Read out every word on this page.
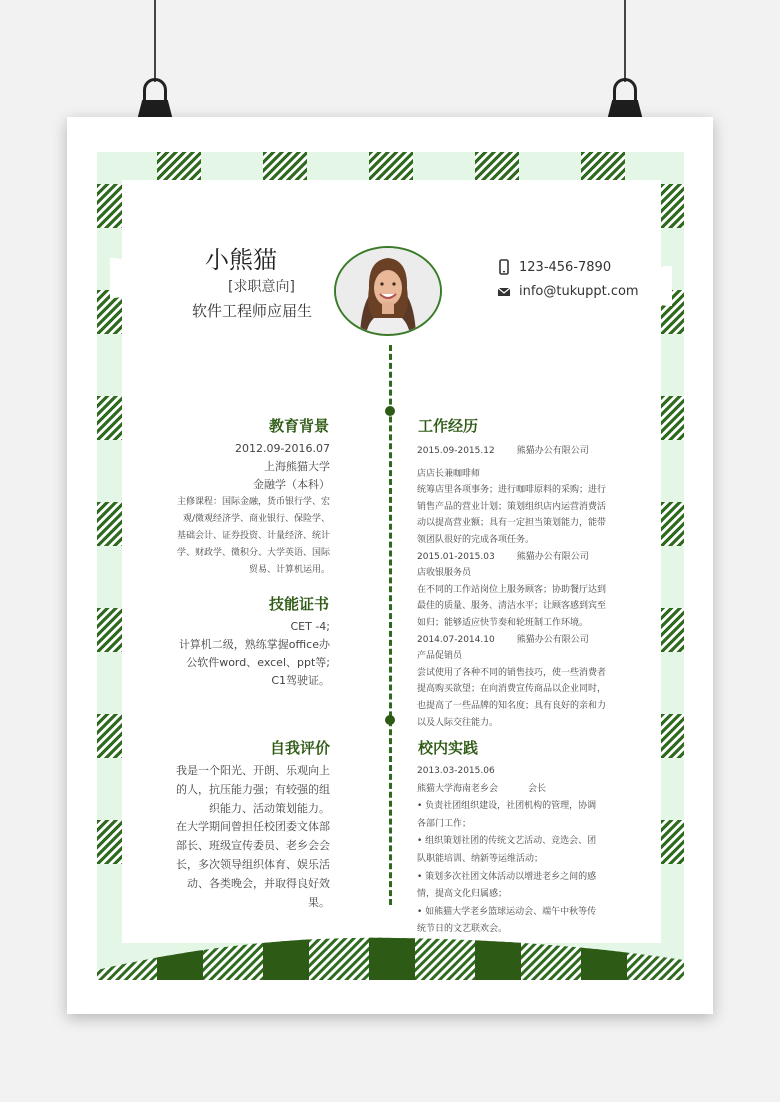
小熊猫
[求职意向]
软件工程师应届生
123-456-7890
info@tukuppt.com
教育背景
2012.09-2016.07
上海熊猫大学
金融学（本科）
主修课程：国际金融，货币银行学、宏
观/微观经济学、商业银行、保险学、
基础会计、证券投资、计量经济、统计
学、财政学、微积分、大学英语、国际
贸易、计算机运用。
技能证书
CET -4;
计算机二级，熟练掌握office办
公软件word、excel、ppt等;
C1驾驶证。
自我评价
我是一个阳光、开朗、乐观向上
的人，抗压能力强；有较强的组
织能力、活动策划能力。
在大学期间曾担任校团委文体部
部长、班级宣传委员、老乡会会
长，多次领导组织体育、娱乐活
动、各类晚会，并取得良好效
果。
工作经历
2015.09-2015.12 熊猫办公有限公司
店店长兼咖啡师
统筹店里各项事务；进行咖啡原料的采购；进行
销售产品的营业计划；策划组织店内运营消费活
动以提高营业额；具有一定担当策划能力，能带
领团队很好的完成各项任务。
2015.01-2015.03 熊猫办公有限公司
店收银服务员
在不同的工作站岗位上服务顾客；协助餐厅达到
最佳的质量、服务、清洁水平；让顾客感到宾至
如归；能够适应快节奏和轮班制工作环境。
2014.07-2014.10 熊猫办公有限公司
产品促销员
尝试使用了各种不同的销售技巧，使一些消费者
提高购买欲望；在向消费宣传商品以企业同时，
也提高了一些品牌的知名度；具有良好的亲和力
以及人际交往能力。
校内实践
2013.03-2015.06
熊猫大学海南老乡会	会长
• 负责社团组织建设，社团机构的管理，协调
各部门工作；
• 组织策划社团的传统文艺活动、竞选会、团
队职能培训、纳新等运维活动；
• 策划多次社团文体活动以增进老乡之间的感
情，提高文化归属感；
• 如熊猫大学老乡篮球运动会、端午中秋等传
统节日的文艺联欢会。
